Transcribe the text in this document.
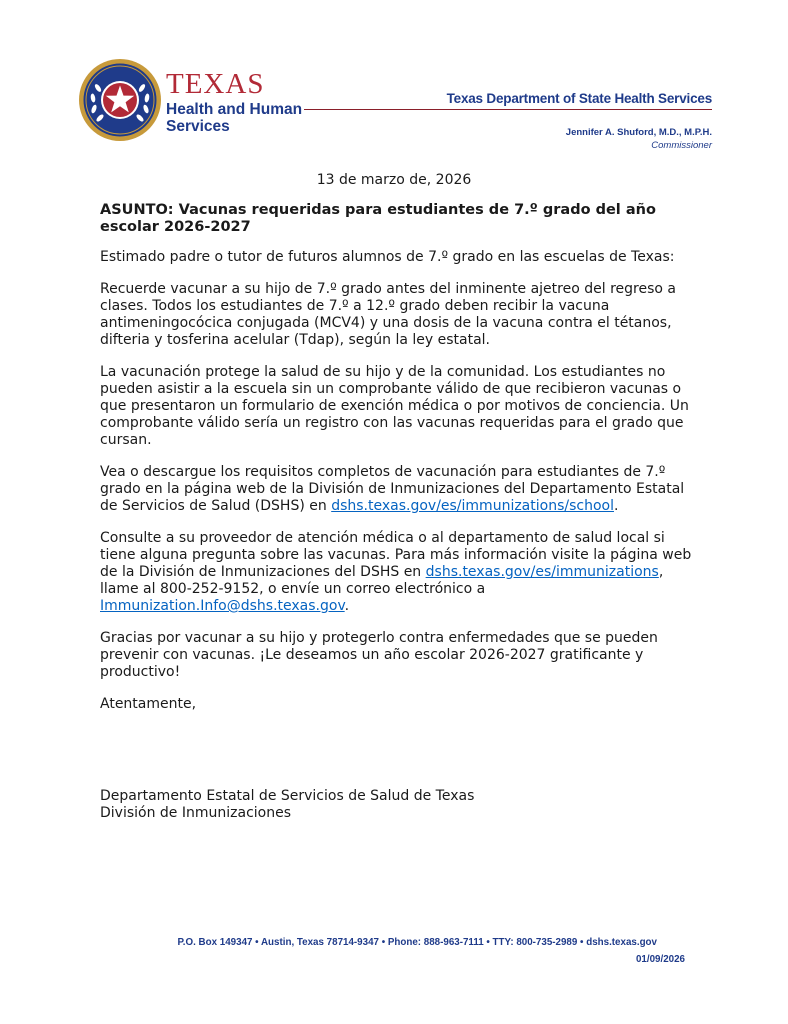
TEXAS
Health and Human
Services
Texas Department of State Health Services
Jennifer A. Shuford, M.D., M.P.H.
Commissioner
13 de marzo de, 2026

ASUNTO: Vacunas requeridas para estudiantes de 7.º grado del año escolar 2026-2027

Estimado padre o tutor de futuros alumnos de 7.º grado en las escuelas de Texas:

Recuerde vacunar a su hijo de 7.º grado antes del inminente ajetreo del regreso a clases. Todos los estudiantes de 7.º a 12.º grado deben recibir la vacuna antimeningocócica conjugada (MCV4) y una dosis de la vacuna contra el tétanos, difteria y tosferina acelular (Tdap), según la ley estatal.

La vacunación protege la salud de su hijo y de la comunidad. Los estudiantes no pueden asistir a la escuela sin un comprobante válido de que recibieron vacunas o que presentaron un formulario de exención médica o por motivos de conciencia. Un comprobante válido sería un registro con las vacunas requeridas para el grado que cursan.

Vea o descargue los requisitos completos de vacunación para estudiantes de 7.º grado en la página web de la División de Inmunizaciones del Departamento Estatal de Servicios de Salud (DSHS) en dshs.texas.gov/es/immunizations/school.

Consulte a su proveedor de atención médica o al departamento de salud local si tiene alguna pregunta sobre las vacunas. Para más información visite la página web de la División de Inmunizaciones del DSHS en dshs.texas.gov/es/immunizations, llame al 800-252-9152, o envíe un correo electrónico a Immunization.Info@dshs.texas.gov.

Gracias por vacunar a su hijo y protegerlo contra enfermedades que se pueden prevenir con vacunas. ¡Le deseamos un año escolar 2026-2027 gratificante y productivo!

Atentamente,

Departamento Estatal de Servicios de Salud de Texas

División de Inmunizaciones

P.O. Box 149347 • Austin, Texas 78714-9347 • Phone: 888-963-7111 • TTY: 800-735-2989 • dshs.texas.gov
01/09/2026
